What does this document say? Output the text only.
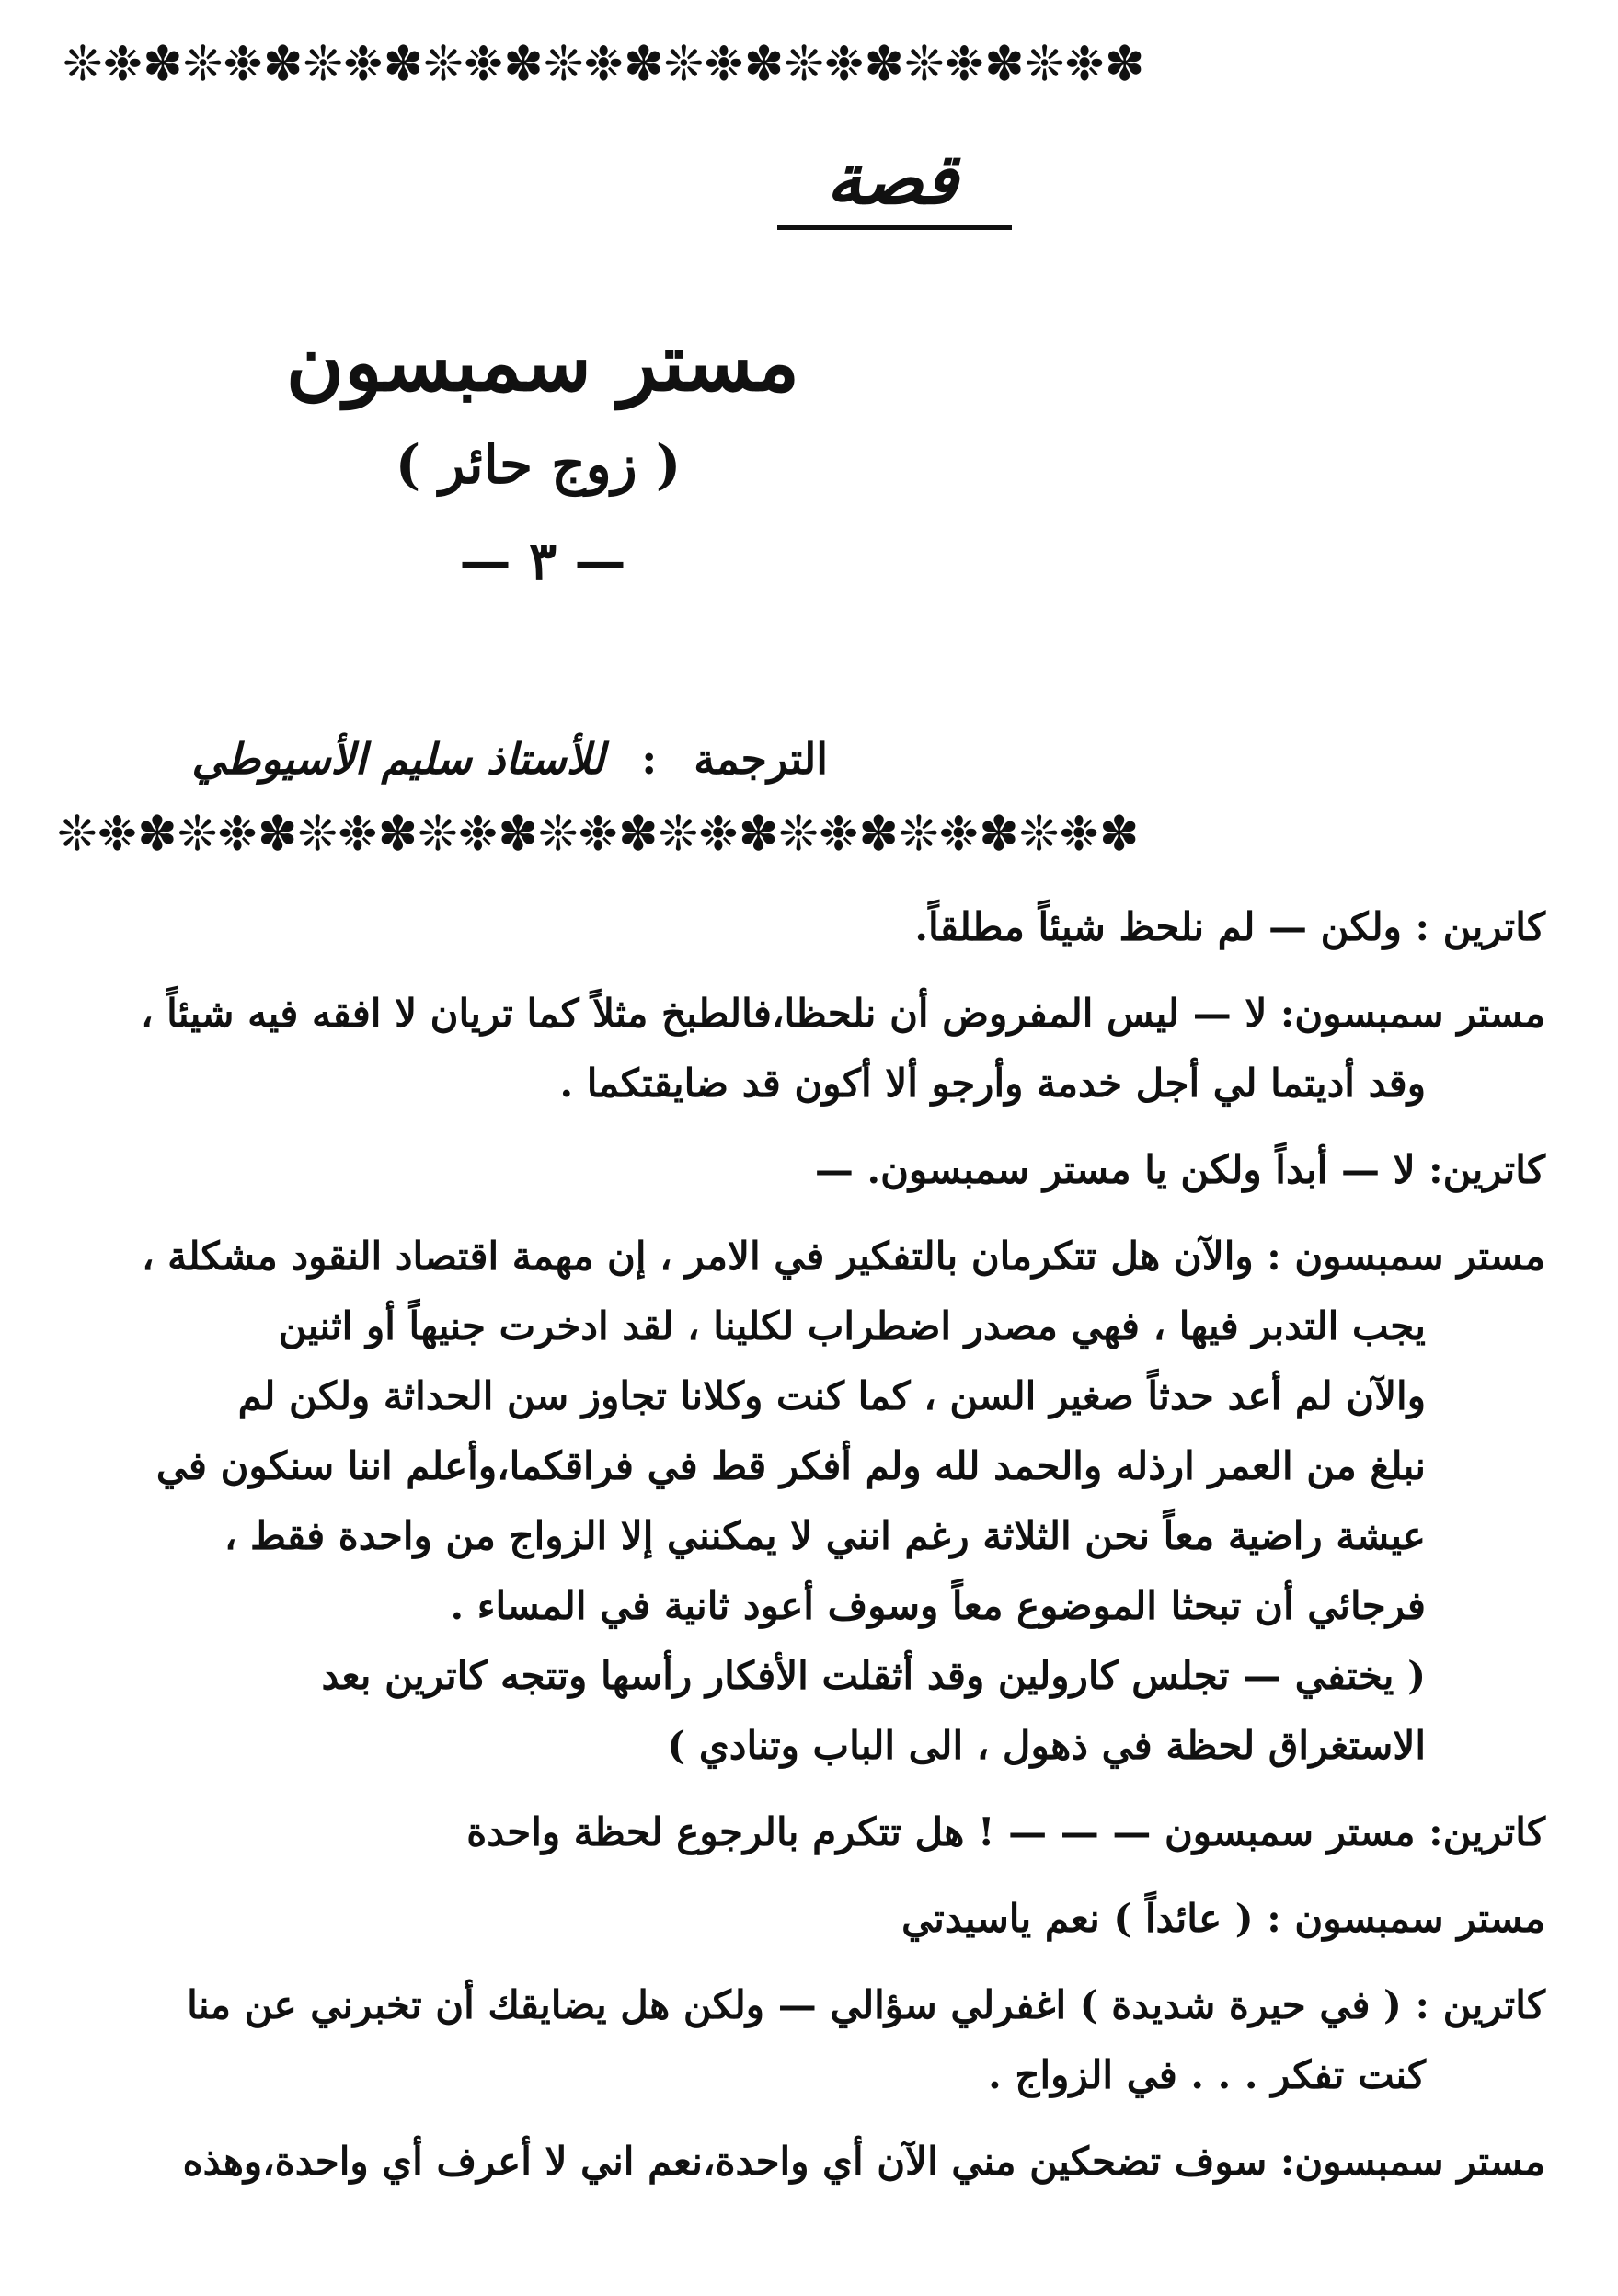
❊❉✽❊❉✽❊❉✽❊❉✽❊❉✽❊❉✽❊❉✽❊❉✽❊❉✽
قصة
مستر سمبسون
( زوج حائر )
— ٣ —
الترجمة:للأستاذ سليم الأسيوطي
❊❉✽❊❉✽❊❉✽❊❉✽❊❉✽❊❉✽❊❉✽❊❉✽❊❉✽
كاترين : ولكن — لم نلحظ شيئاً مطلقاً.
مستر سمبسون: لا — ليس المفروض أن نلحظا،فالطبخ مثلاً كما تريان لا افقه فيه شيئاً ،
وقد أديتما لي أجل خدمة وأرجو ألا أكون قد ضايقتكما .
كاترين: لا — أبداً ولكن يا مستر سمبسون. —
مستر سمبسون : والآن هل تتكرمان بالتفكير في الامر ، إن مهمة اقتصاد النقود مشكلة ،
يجب التدبر فيها ، فهي مصدر اضطراب لكلينا ، لقد ادخرت جنيهاً أو اثنين
والآن لم أعد حدثاً صغير السن ، كما كنت وكلانا تجاوز سن الحداثة ولكن لم
نبلغ من العمر ارذله والحمد لله ولم أفكر قط في فراقكما،وأعلم اننا سنكون في
عيشة راضية معاً نحن الثلاثة رغم انني لا يمكنني إلا الزواج من واحدة فقط ،
فرجائي أن تبحثا الموضوع معاً وسوف أعود ثانية في المساء .
( يختفي — تجلس كارولين وقد أثقلت الأفكار رأسها وتتجه كاترين بعد
الاستغراق لحظة في ذهول ، الى الباب وتنادي )
كاترين: مستر سمبسون — — — ! هل تتكرم بالرجوع لحظة واحدة
مستر سمبسون : ( عائداً ) نعم ياسيدتي
كاترين : ( في حيرة شديدة ) اغفرلي سؤالي — ولكن هل يضايقك أن تخبرني عن منا
كنت تفكر . . . في الزواج .
مستر سمبسون: سوف تضحكين مني الآن أي واحدة،نعم اني لا أعرف أي واحدة،وهذه
